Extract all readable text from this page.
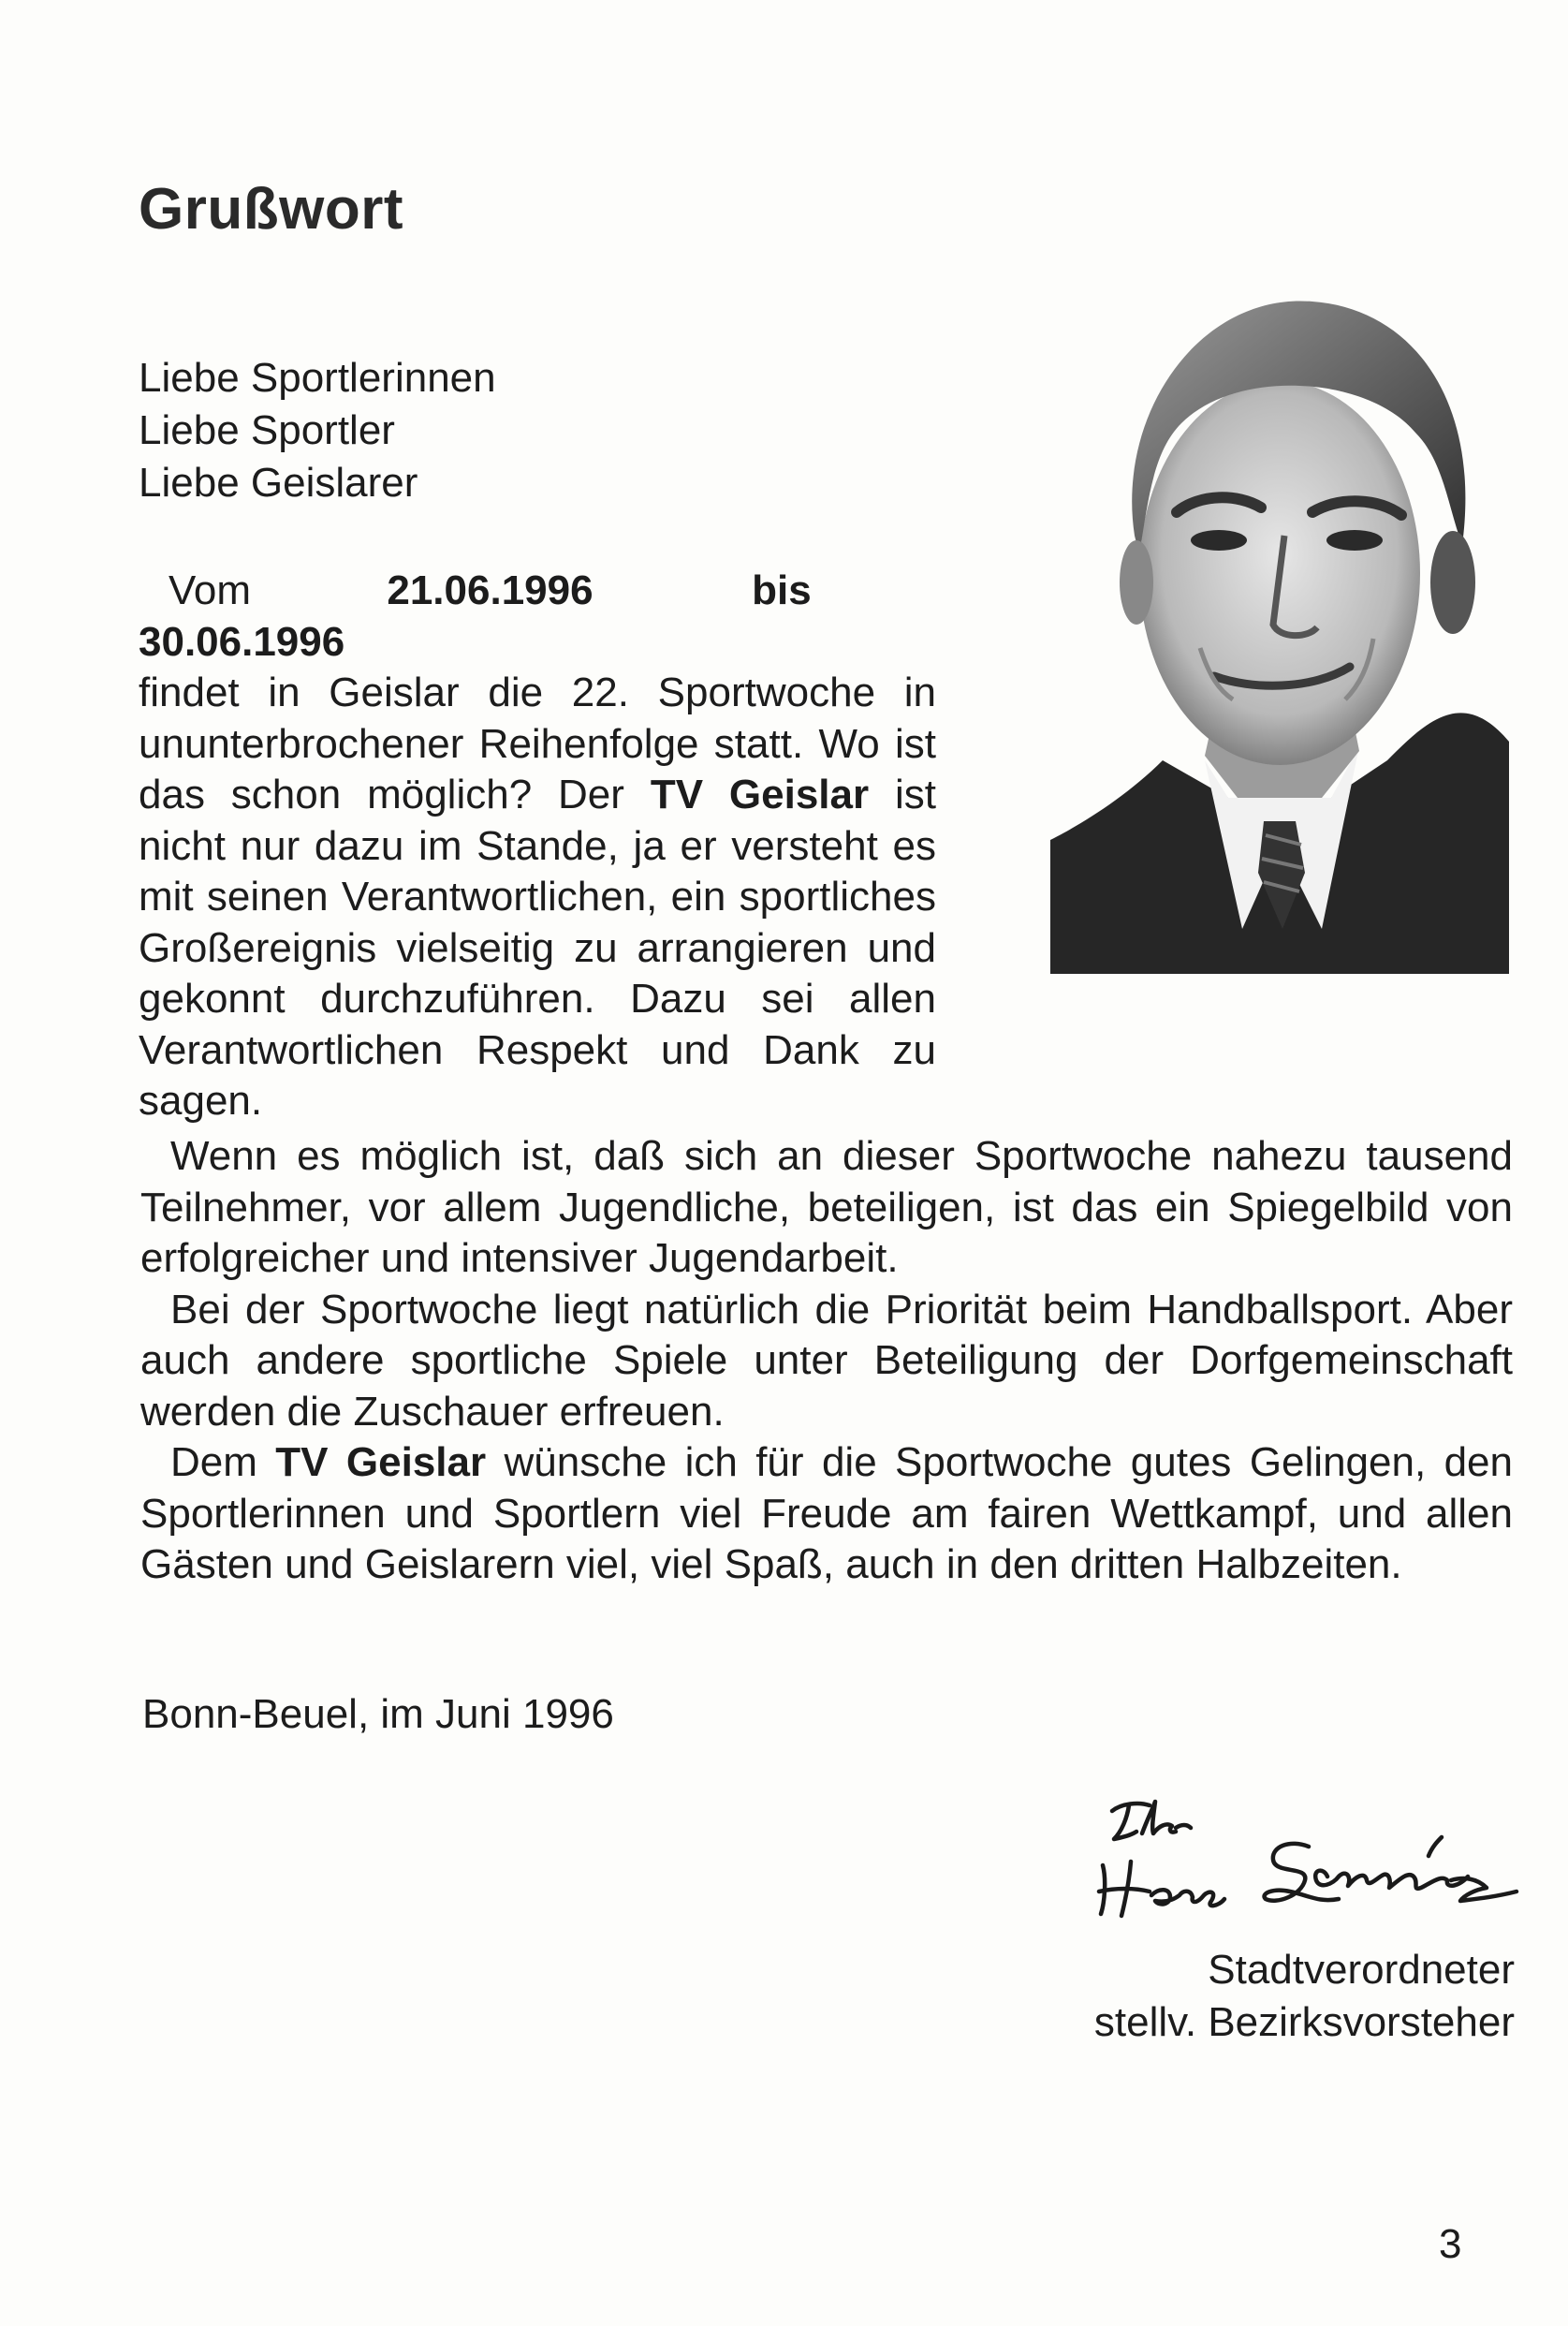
Grußwort
Liebe Sportlerinnen
Liebe Sportler
Liebe Geislarer
Vom	21.06.1996	bis       30.06.1996
findet in Geislar die 22. Sportwoche in ununterbrochener Reihenfolge statt. Wo ist das schon möglich? Der TV Geislar ist nicht nur dazu im Stande, ja er versteht es mit seinen Verantwortlichen, ein sportliches Großereignis vielseitig zu arrangieren und gekonnt durchzuführen. Dazu sei allen Verantwortlichen Respekt und Dank zu sagen.

Wenn es möglich ist, daß sich an dieser Sportwoche nahezu tausend Teilnehmer, vor allem Jugendliche, beteiligen, ist das ein Spiegelbild von erfolgreicher und intensiver Jugendarbeit.

Bei der Sportwoche liegt natürlich die Priorität beim Handballsport. Aber auch andere sportliche Spiele unter Beteiligung der Dorfgemeinschaft werden die Zuschauer erfreuen.

Dem TV Geislar wünsche ich für die Sportwoche gutes Gelingen, den Sportlerinnen und Sportlern viel Freude am fairen Wettkampf, und allen Gästen und Geislarern viel, viel Spaß, auch in den dritten Halbzeiten.

Bonn-Beuel, im Juni 1996
Stadtverordneter
stellv. Bezirksvorsteher
3
